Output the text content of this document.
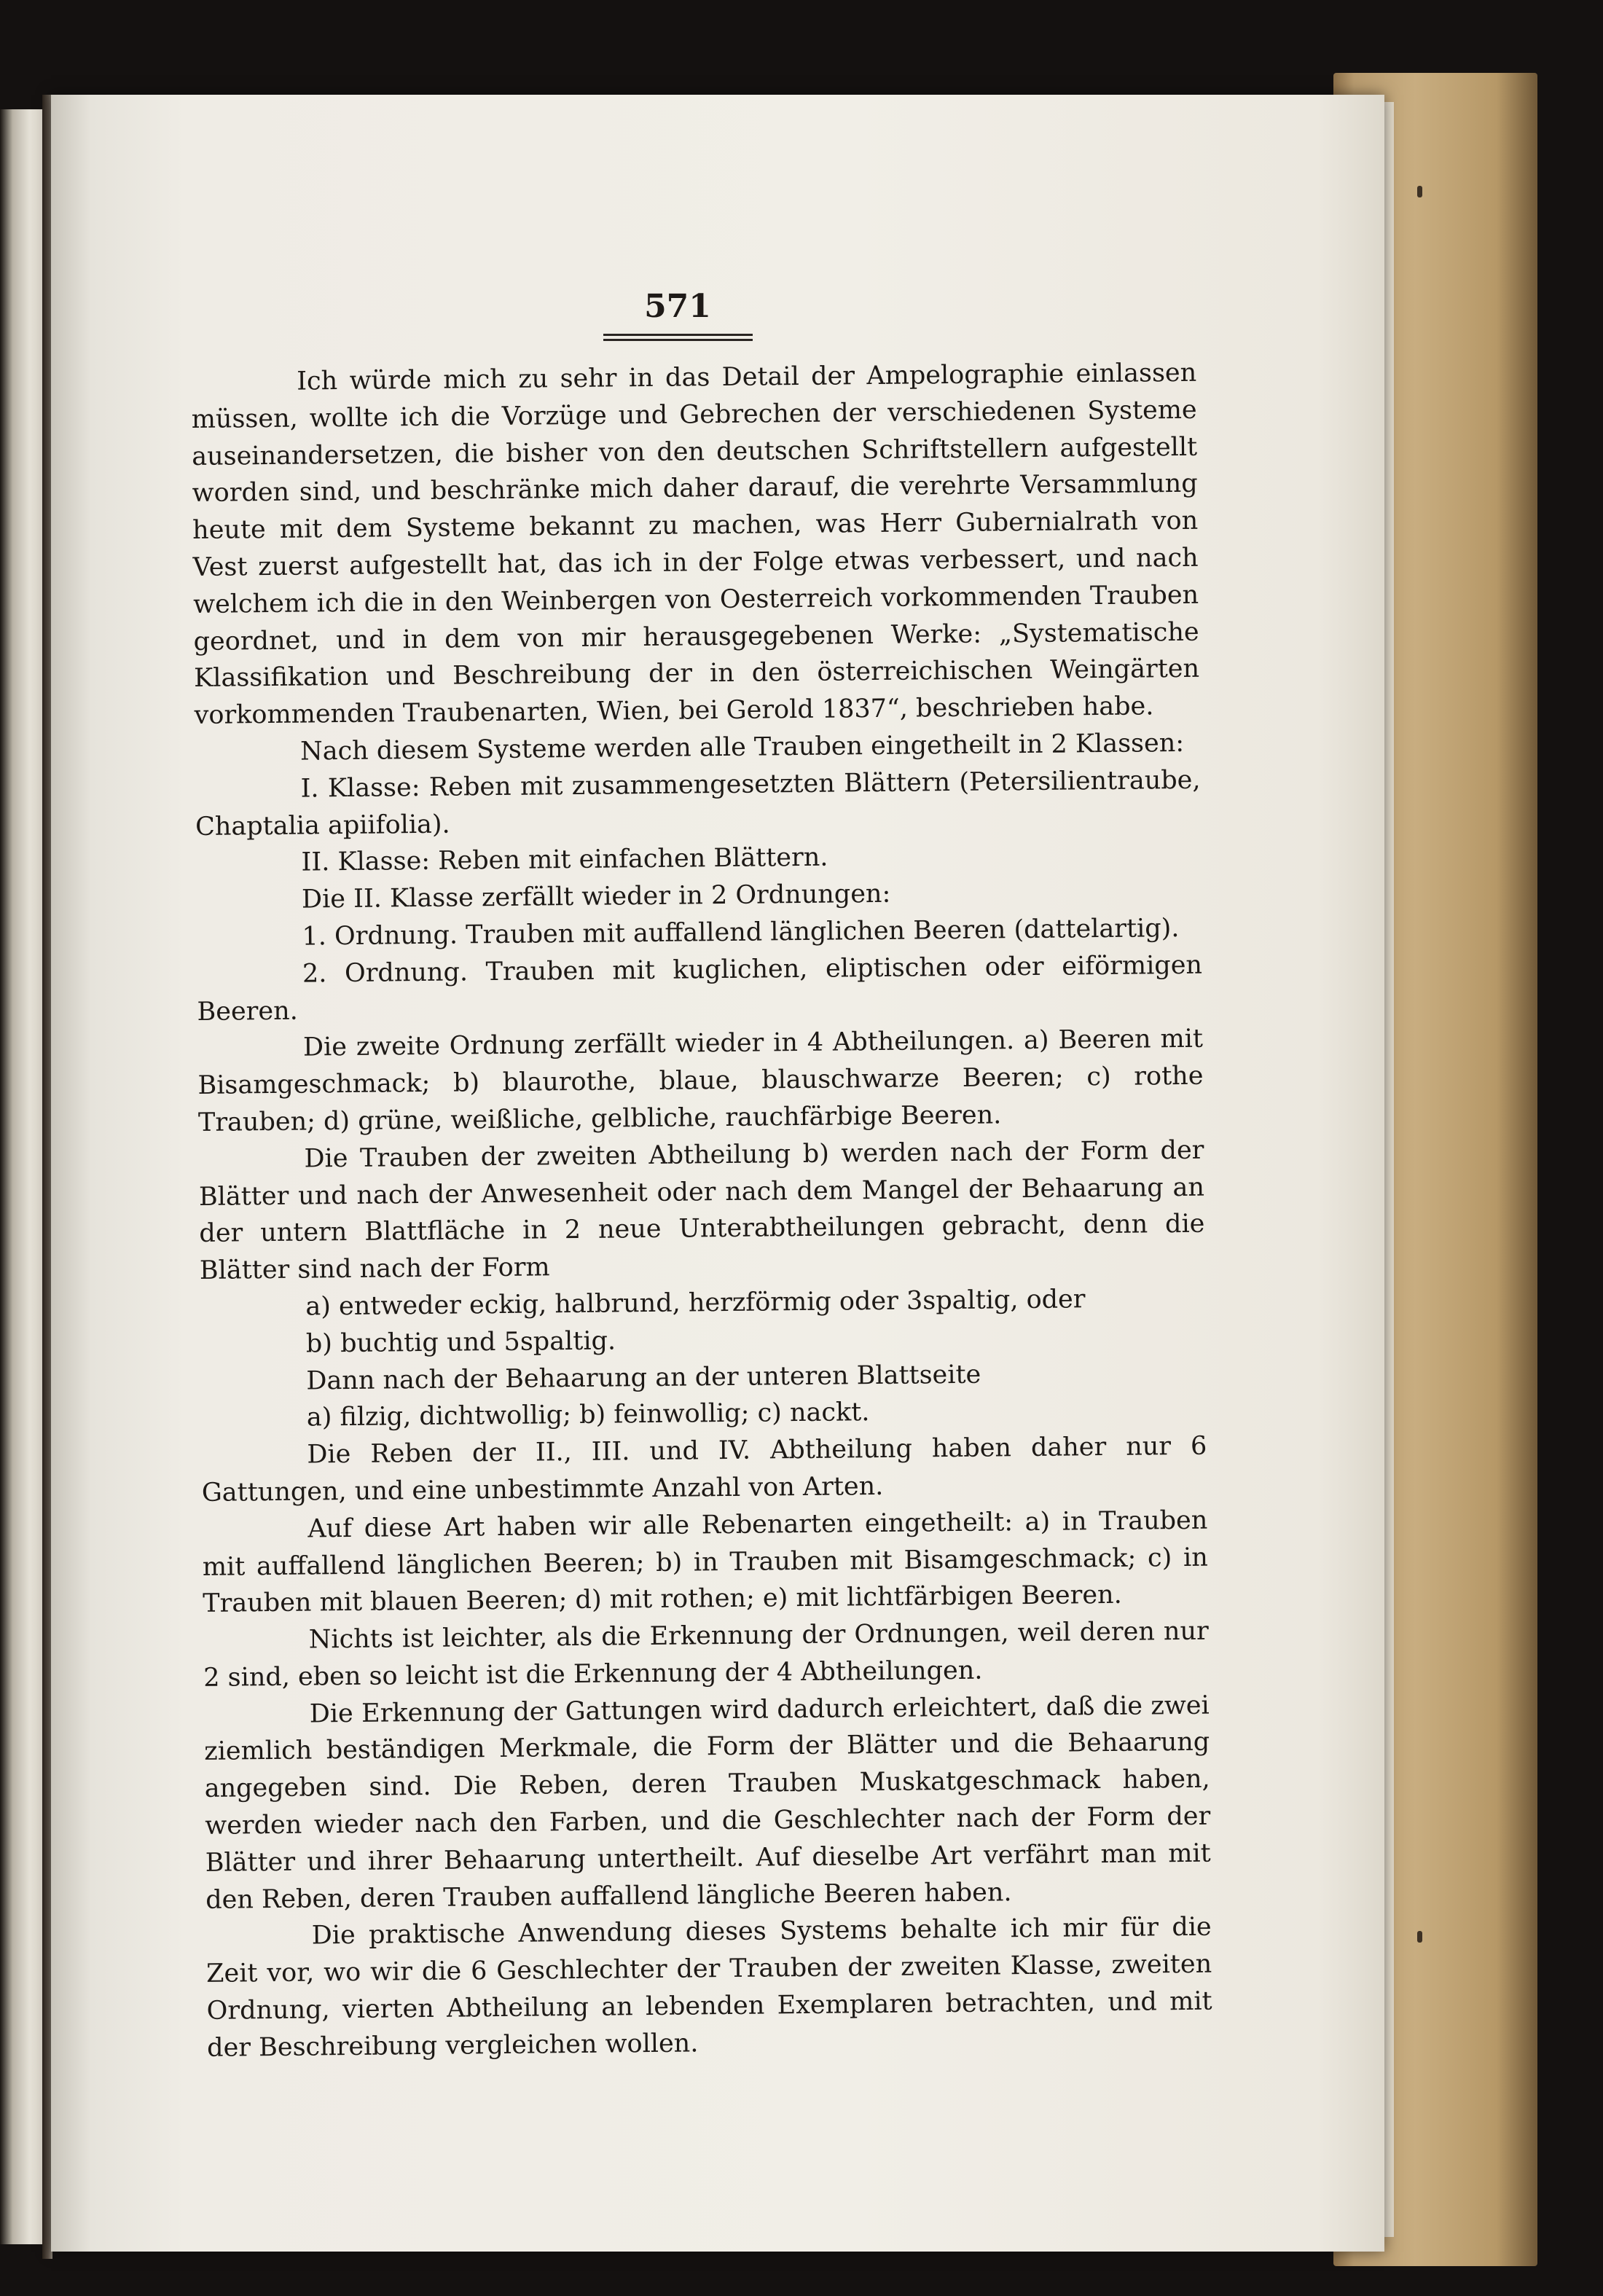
571

Ich würde mich zu sehr in das Detail der Ampelographie einlassen müssen, wollte ich die Vorzüge und Gebrechen der verschiedenen Systeme auseinandersetzen, die bisher von den deutschen Schriftstellern aufgestellt worden sind, und beschränke mich daher darauf, die verehrte Versammlung heute mit dem Systeme bekannt zu machen, was Herr Gubernialrath von Vest zuerst aufgestellt hat, das ich in der Folge etwas verbessert, und nach welchem ich die in den Weinbergen von Oesterreich vorkommenden Trauben geordnet, und in dem von mir herausgegebenen Werke: „Systematische Klassifikation und Beschreibung der in den österreichischen Weingärten vorkommenden Traubenarten, Wien, bei Gerold 1837“, beschrieben habe.

Nach diesem Systeme werden alle Trauben eingetheilt in 2 Klassen:

I. Klasse: Reben mit zusammengesetzten Blättern (Petersilientraube, Chaptalia apiifolia).

II. Klasse: Reben mit einfachen Blättern.

Die II. Klasse zerfällt wieder in 2 Ordnungen:

1. Ordnung. Trauben mit auffallend länglichen Beeren (dattelartig).

2. Ordnung. Trauben mit kuglichen, eliptischen oder eiförmigen Beeren.

Die zweite Ordnung zerfällt wieder in 4 Abtheilungen. a) Beeren mit Bisamgeschmack; b) blaurothe, blaue, blauschwarze Beeren; c) rothe Trauben; d) grüne, weißliche, gelbliche, rauchfärbige Beeren.

Die Trauben der zweiten Abtheilung b) werden nach der Form der Blätter und nach der Anwesenheit oder nach dem Mangel der Behaarung an der untern Blattfläche in 2 neue Unterabtheilungen gebracht, denn die Blätter sind nach der Form

a) entweder eckig, halbrund, herzförmig oder 3spaltig, oder

b) buchtig und 5spaltig.

Dann nach der Behaarung an der unteren Blattseite

a) filzig, dichtwollig; b) feinwollig; c) nackt.

Die Reben der II., III. und IV. Abtheilung haben daher nur 6 Gattungen, und eine unbestimmte Anzahl von Arten.

Auf diese Art haben wir alle Rebenarten eingetheilt: a) in Trauben mit auffallend länglichen Beeren; b) in Trauben mit Bisamgeschmack; c) in Trauben mit blauen Beeren; d) mit rothen; e) mit lichtfärbigen Beeren.

Nichts ist leichter, als die Erkennung der Ordnungen, weil deren nur 2 sind, eben so leicht ist die Erkennung der 4 Abtheilungen.

Die Erkennung der Gattungen wird dadurch erleichtert, daß die zwei ziemlich beständigen Merkmale, die Form der Blätter und die Behaarung angegeben sind. Die Reben, deren Trauben Muskatgeschmack haben, werden wieder nach den Farben, und die Geschlechter nach der Form der Blätter und ihrer Behaarung untertheilt. Auf dieselbe Art verfährt man mit den Reben, deren Trauben auffallend längliche Beeren haben.

Die praktische Anwendung dieses Systems behalte ich mir für die Zeit vor, wo wir die 6 Geschlechter der Trauben der zweiten Klasse, zweiten Ordnung, vierten Abtheilung an lebenden Exemplaren betrachten, und mit der Beschreibung vergleichen wollen.
